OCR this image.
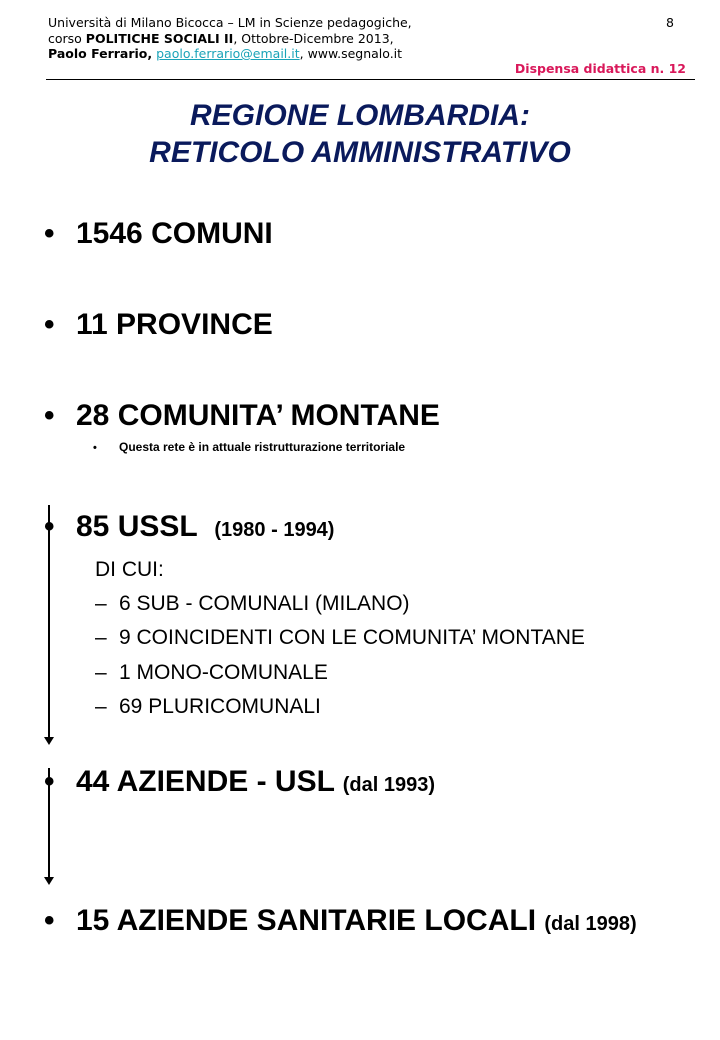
Università di Milano Bicocca – LM in Scienze pedagogiche,
corso POLITICHE SOCIALI II, Ottobre-Dicembre 2013,
Paolo Ferrario, paolo.ferrario@email.it, www.segnalo.it
8
Dispensa didattica n. 12
REGIONE LOMBARDIA:
RETICOLO AMMINISTRATIVO
• 1546 COMUNI
• 11 PROVINCE
• 28 COMUNITA’ MONTANE
• Questa rete è in attuale ristrutturazione territoriale
• 85 USSL (1980 - 1994)
DI CUI:
– 6 SUB - COMUNALI (MILANO)
– 9 COINCIDENTI CON LE COMUNITA’ MONTANE
– 1 MONO-COMUNALE
– 69 PLURICOMUNALI
• 44 AZIENDE - USL (dal 1993)
• 15 AZIENDE SANITARIE LOCALI (dal 1998)
